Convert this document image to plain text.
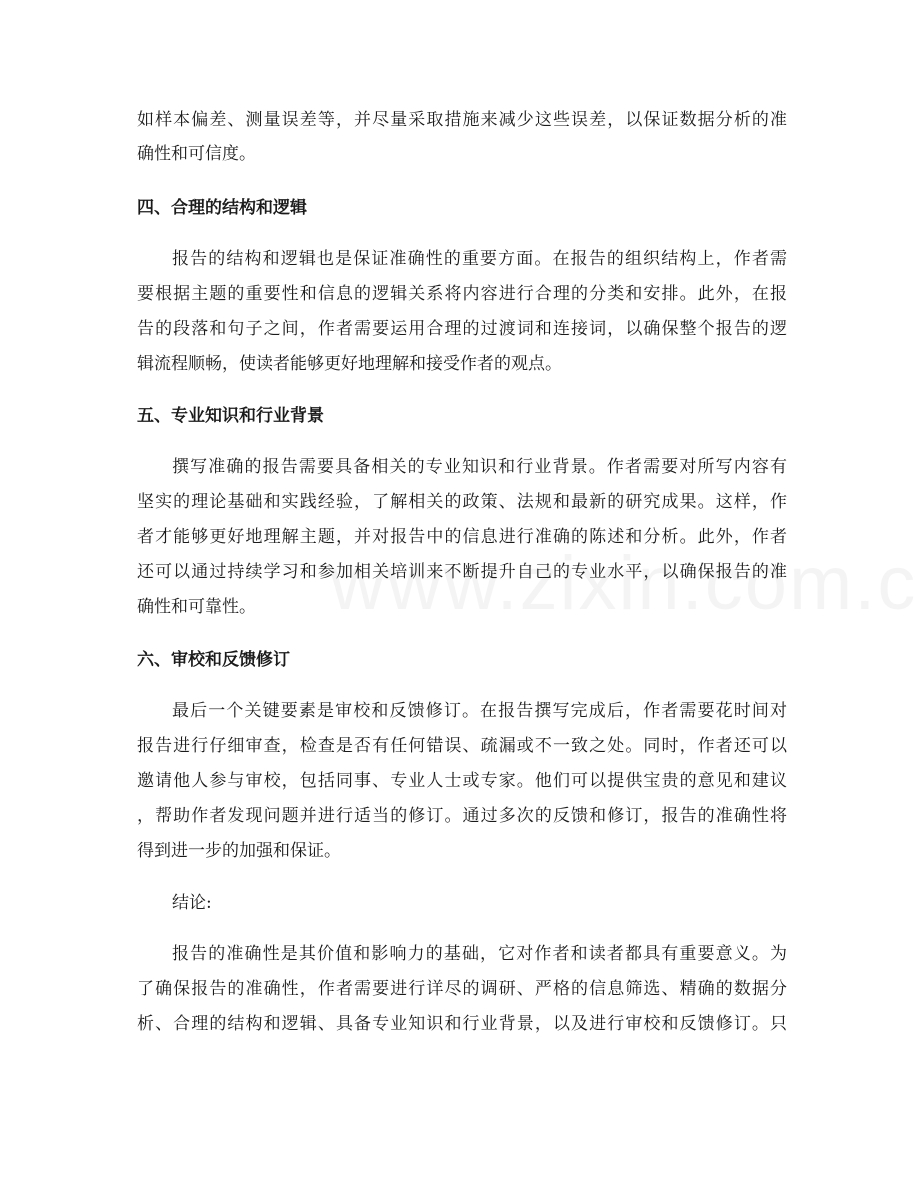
如样本偏差、测量误差等，并尽量采取措施来减少这些误差，以保证数据分析的准
确性和可信度。
四、合理的结构和逻辑
报告的结构和逻辑也是保证准确性的重要方面。在报告的组织结构上，作者需
要根据主题的重要性和信息的逻辑关系将内容进行合理的分类和安排。此外，在报
告的段落和句子之间，作者需要运用合理的过渡词和连接词，以确保整个报告的逻
辑流程顺畅，使读者能够更好地理解和接受作者的观点。
五、专业知识和行业背景
撰写准确的报告需要具备相关的专业知识和行业背景。作者需要对所写内容有
坚实的理论基础和实践经验，了解相关的政策、法规和最新的研究成果。这样，作
者才能够更好地理解主题，并对报告中的信息进行准确的陈述和分析。此外，作者
还可以通过持续学习和参加相关培训来不断提升自己的专业水平，以确保报告的准
确性和可靠性。
六、审校和反馈修订
最后一个关键要素是审校和反馈修订。在报告撰写完成后，作者需要花时间对
报告进行仔细审查，检查是否有任何错误、疏漏或不一致之处。同时，作者还可以
邀请他人参与审校，包括同事、专业人士或专家。他们可以提供宝贵的意见和建议
，帮助作者发现问题并进行适当的修订。通过多次的反馈和修订，报告的准确性将
得到进一步的加强和保证。
结论:
报告的准确性是其价值和影响力的基础，它对作者和读者都具有重要意义。为
了确保报告的准确性，作者需要进行详尽的调研、严格的信息筛选、精确的数据分
析、合理的结构和逻辑、具备专业知识和行业背景，以及进行审校和反馈修订。只
